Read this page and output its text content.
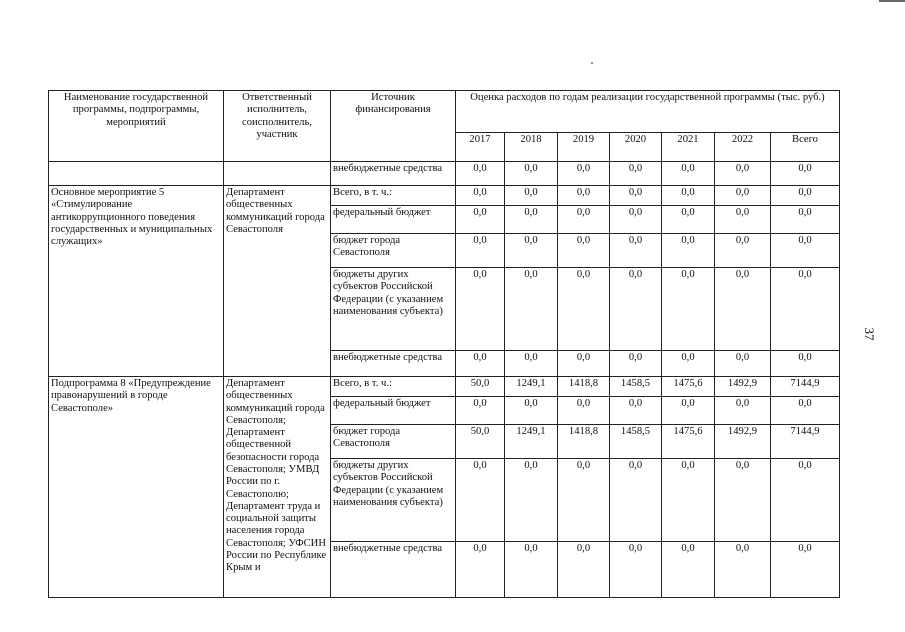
37
Наименование государственной программы, подпрограммы, мероприятий	Ответственный исполнитель, соисполнитель, участник	Источник финансирования	Оценка расходов по годам реализации государственной программы (тыс. руб.)						
			2017	2018	2019	2020	2021	2022	Всего
		внебюджетные средства	0,0	0,0	0,0	0,0	0,0	0,0	0,0
Основное мероприятие 5 «Стимулирование антикоррупционного поведения государственных и муниципальных служащих»	Департамент общественных коммуникаций города Севастополя	Всего, в т. ч.:	0,0	0,0	0,0	0,0	0,0	0,0	0,0
		федеральный бюджет	0,0	0,0	0,0	0,0	0,0	0,0	0,0
		бюджет города Севастополя	0,0	0,0	0,0	0,0	0,0	0,0	0,0
		бюджеты других субъектов Российской Федерации (с указанием наименования субъекта)	0,0	0,0	0,0	0,0	0,0	0,0	0,0
		внебюджетные средства	0,0	0,0	0,0	0,0	0,0	0,0	0,0
Подпрограмма 8 «Предупреждение правонарушений в городе Севастополе»	Департамент общественных коммуникаций города Севастополя; Департамент общественной безопасности города Севастополя; УМВД России по г. Севастополю; Департамент труда и социальной защиты населения города Севастополя; УФСИН России по Республике Крым и	Всего, в т. ч.:	50,0	1249,1	1418,8	1458,5	1475,6	1492,9	7144,9
		федеральный бюджет	0,0	0,0	0,0	0,0	0,0	0,0	0,0
		бюджет города Севастополя	50,0	1249,1	1418,8	1458,5	1475,6	1492,9	7144,9
		бюджеты других субъектов Российской Федерации (с указанием наименования субъекта)	0,0	0,0	0,0	0,0	0,0	0,0	0,0
		внебюджетные средства	0,0	0,0	0,0	0,0	0,0	0,0	0,0
